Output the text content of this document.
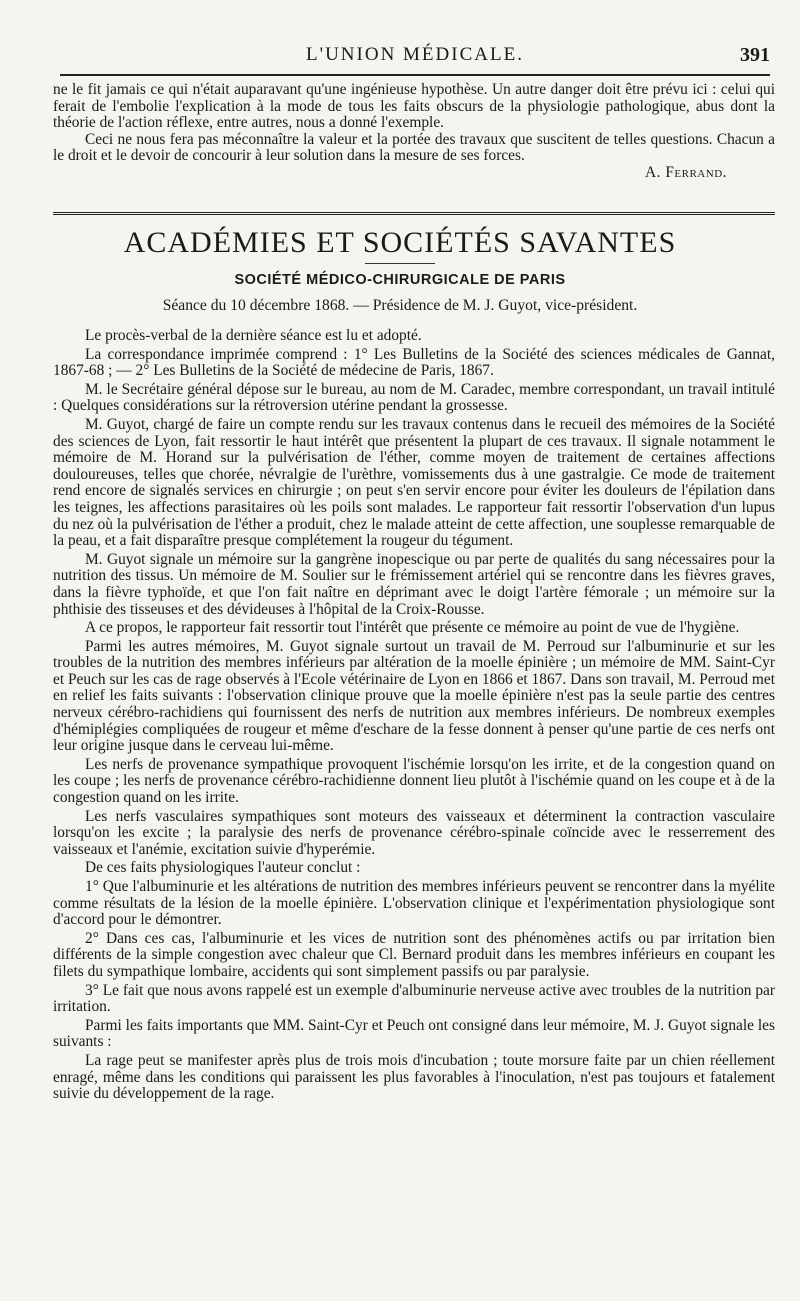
L'UNION MÉDICALE.	391

ne le fit jamais ce qui n'était auparavant qu'une ingénieuse hypothèse. Un autre danger doit être prévu ici : celui qui ferait de l'embolie l'explication à la mode de tous les faits obscurs de la physiologie pathologique, abus dont la théorie de l'action réflexe, entre autres, nous a donné l'exemple.

Ceci ne nous fera pas méconnaître la valeur et la portée des travaux que suscitent de telles questions. Chacun a le droit et le devoir de concourir à leur solution dans la mesure de ses forces.

A. Ferrand.

ACADÉMIES ET SOCIÉTÉS SAVANTES
SOCIÉTÉ MÉDICO-CHIRURGICALE DE PARIS
Séance du 10 décembre 1868. — Présidence de M. J. Guyot, vice-président.

Le procès-verbal de la dernière séance est lu et adopté.

La correspondance imprimée comprend : 1° Les Bulletins de la Société des sciences médicales de Gannat, 1867-68 ; — 2° Les Bulletins de la Société de médecine de Paris, 1867.

M. le Secrétaire général dépose sur le bureau, au nom de M. Caradec, membre correspondant, un travail intitulé : Quelques considérations sur la rétroversion utérine pendant la grossesse.

M. Guyot, chargé de faire un compte rendu sur les travaux contenus dans le recueil des mémoires de la Société des sciences de Lyon, fait ressortir le haut intérêt que présentent la plupart de ces travaux. Il signale notamment le mémoire de M. Horand sur la pulvérisation de l'éther, comme moyen de traitement de certaines affections douloureuses, telles que chorée, névralgie de l'urèthre, vomissements dus à une gastralgie. Ce mode de traitement rend encore de signalés services en chirurgie ; on peut s'en servir encore pour éviter les douleurs de l'épilation dans les teignes, les affections parasitaires où les poils sont malades. Le rapporteur fait ressortir l'observation d'un lupus du nez où la pulvérisation de l'éther a produit, chez le malade atteint de cette affection, une souplesse remarquable de la peau, et a fait disparaître presque complétement la rougeur du tégument.

M. Guyot signale un mémoire sur la gangrène inopescique ou par perte de qualités du sang nécessaires pour la nutrition des tissus. Un mémoire de M. Soulier sur le frémissement artériel qui se rencontre dans les fièvres graves, dans la fièvre typhoïde, et que l'on fait naître en déprimant avec le doigt l'artère fémorale ; un mémoire sur la phthisie des tisseuses et des dévideuses à l'hôpital de la Croix-Rousse.

A ce propos, le rapporteur fait ressortir tout l'intérêt que présente ce mémoire au point de vue de l'hygiène.

Parmi les autres mémoires, M. Guyot signale surtout un travail de M. Perroud sur l'albuminurie et sur les troubles de la nutrition des membres inférieurs par altération de la moelle épinière ; un mémoire de MM. Saint-Cyr et Peuch sur les cas de rage observés à l'Ecole vétérinaire de Lyon en 1866 et 1867. Dans son travail, M. Perroud met en relief les faits suivants : l'observation clinique prouve que la moelle épinière n'est pas la seule partie des centres nerveux cérébro-rachidiens qui fournissent des nerfs de nutrition aux membres inférieurs. De nombreux exemples d'hémiplégies compliquées de rougeur et même d'eschare de la fesse donnent à penser qu'une partie de ces nerfs ont leur origine jusque dans le cerveau lui-même.

Les nerfs de provenance sympathique provoquent l'ischémie lorsqu'on les irrite, et de la congestion quand on les coupe ; les nerfs de provenance cérébro-rachidienne donnent lieu plutôt à l'ischémie quand on les coupe et à de la congestion quand on les irrite.

Les nerfs vasculaires sympathiques sont moteurs des vaisseaux et déterminent la contraction vasculaire lorsqu'on les excite ; la paralysie des nerfs de provenance cérébro-spinale coïncide avec le resserrement des vaisseaux et l'anémie, excitation suivie d'hyperémie.

De ces faits physiologiques l'auteur conclut :

1° Que l'albuminurie et les altérations de nutrition des membres inférieurs peuvent se rencontrer dans la myélite comme résultats de la lésion de la moelle épinière. L'observation clinique et l'expérimentation physiologique sont d'accord pour le démontrer.

2° Dans ces cas, l'albuminurie et les vices de nutrition sont des phénomènes actifs ou par irritation bien différents de la simple congestion avec chaleur que Cl. Bernard produit dans les membres inférieurs en coupant les filets du sympathique lombaire, accidents qui sont simplement passifs ou par paralysie.

3° Le fait que nous avons rappelé est un exemple d'albuminurie nerveuse active avec troubles de la nutrition par irritation.

Parmi les faits importants que MM. Saint-Cyr et Peuch ont consigné dans leur mémoire, M. J. Guyot signale les suivants :

La rage peut se manifester après plus de trois mois d'incubation ; toute morsure faite par un chien réellement enragé, même dans les conditions qui paraissent les plus favorables à l'inoculation, n'est pas toujours et fatalement suivie du développement de la rage.
